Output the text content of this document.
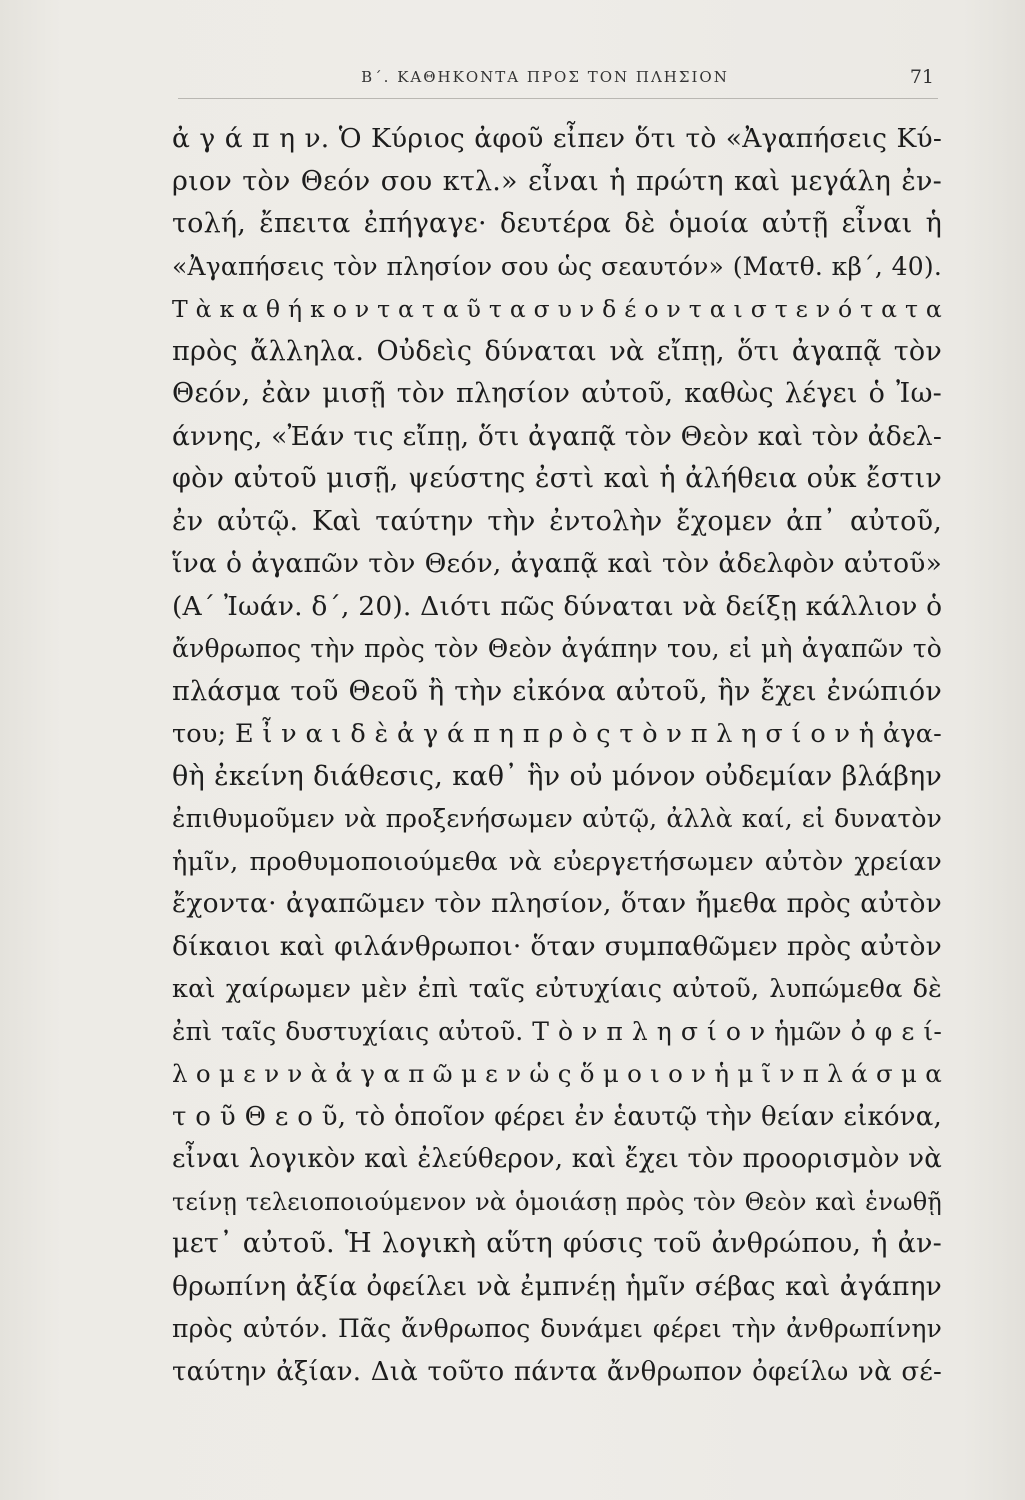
Β΄. ΚΑΘΗΚΟΝΤΑ ΠΡΟΣ ΤΟΝ ΠΛΗΣΙΟΝ	71
ἀ γ ά π η ν. Ὁ Κύριος ἀφοῦ εἶπεν ὅτι τὸ «Ἀγαπήσεις Κύ-
ριον τὸν Θεόν σου κτλ.» εἶναι ἡ πρώτη καὶ μεγάλη ἐν-
τολή, ἔπειτα ἐπήγαγε· δευτέρα δὲ ὁμοία αὐτῇ εἶναι ἡ
«Ἀγαπήσεις τὸν πλησίον σου ὡς σεαυτόν» (Ματθ. κβ΄, 40).
Τ ὰ κ α θ ή κ ο ν τ α τ α ῦ τ α σ υ ν δ έ ο ν τ α ι σ τ ε ν ό τ α τ α
πρὸς ἄλληλα. Οὐδεὶς δύναται νὰ εἴπῃ, ὅτι ἀγαπᾷ τὸν
Θεόν, ἐὰν μισῇ τὸν πλησίον αὐτοῦ, καθὼς λέγει ὁ Ἰω-
άννης, «Ἐάν τις εἴπῃ, ὅτι ἀγαπᾷ τὸν Θεὸν καὶ τὸν ἀδελ-
φὸν αὐτοῦ μισῇ, ψεύστης ἐστὶ καὶ ἡ ἀλήθεια οὐκ ἔστιν
ἐν αὐτῷ. Καὶ ταύτην τὴν ἐντολὴν ἔχομεν ἀπ᾽ αὐτοῦ,
ἵνα ὁ ἀγαπῶν τὸν Θεόν, ἀγαπᾷ καὶ τὸν ἀδελφὸν αὐτοῦ»
(Α΄ Ἰωάν. δ΄, 20). Διότι πῶς δύναται νὰ δείξῃ κάλλιον ὁ
ἄνθρωπος τὴν πρὸς τὸν Θεὸν ἀγάπην του, εἰ μὴ ἀγαπῶν τὸ
πλάσμα τοῦ Θεοῦ ἢ τὴν εἰκόνα αὐτοῦ, ἣν ἔχει ἐνώπιόν
του; Ε ἶ ν α ι δ ὲ ἀ γ ά π η π ρ ὸ ς τ ὸ ν π λ η σ ί ο ν ἡ ἀγα-
θὴ ἐκείνη διάθεσις, καθ᾽ ἣν οὐ μόνον οὐδεμίαν βλάβην
ἐπιθυμοῦμεν νὰ προξενήσωμεν αὐτῷ, ἀλλὰ καί, εἰ δυνατὸν
ἡμῖν, προθυμοποιούμεθα νὰ εὐεργετήσωμεν αὐτὸν χρείαν
ἔχοντα· ἀγαπῶμεν τὸν πλησίον, ὅταν ἤμεθα πρὸς αὐτὸν
δίκαιοι καὶ φιλάνθρωποι· ὅταν συμπαθῶμεν πρὸς αὐτὸν
καὶ χαίρωμεν μὲν ἐπὶ ταῖς εὐτυχίαις αὐτοῦ, λυπώμεθα δὲ
ἐπὶ ταῖς δυστυχίαις αὐτοῦ. Τ ὸ ν π λ η σ ί ο ν ἡμῶν ὀ φ ε ί-
λ ο μ ε ν ν ὰ ἀ γ α π ῶ μ ε ν ὡ ς ὅ μ ο ι ο ν ἡ μ ῖ ν π λ ά σ μ α
τ ο ῦ Θ ε ο ῦ, τὸ ὁποῖον φέρει ἐν ἑαυτῷ τὴν θείαν εἰκόνα,
εἶναι λογικὸν καὶ ἐλεύθερον, καὶ ἔχει τὸν προορισμὸν νὰ
τείνῃ τελειοποιούμενον νὰ ὁμοιάσῃ πρὸς τὸν Θεὸν καὶ ἑνωθῇ
μετ᾽ αὐτοῦ. Ἡ λογικὴ αὕτη φύσις τοῦ ἀνθρώπου, ἡ ἀν-
θρωπίνη ἀξία ὀφείλει νὰ ἐμπνέῃ ἡμῖν σέβας καὶ ἀγάπην
πρὸς αὐτόν. Πᾶς ἄνθρωπος δυνάμει φέρει τὴν ἀνθρωπίνην
ταύτην ἀξίαν. Διὰ τοῦτο πάντα ἄνθρωπον ὀφείλω νὰ σέ-
